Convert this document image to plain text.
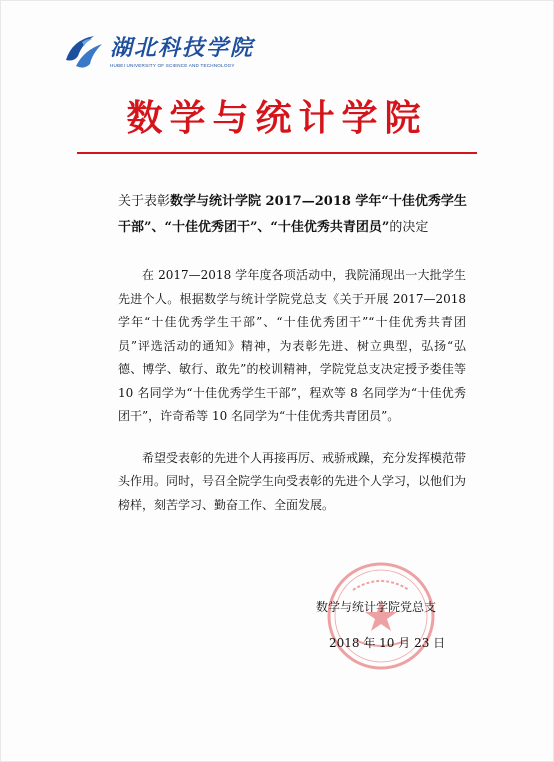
湖北科技学院
HUBEI UNIVERSITY OF SCIENCE AND TECHNOLOGY
数学与统计学院
关于表彰数学与统计学院 2017—2018 学年“十佳优秀学生干部”、“十佳优秀团干”、“十佳优秀共青团员”的决定

在 2017—2018 学年度各项活动中，我院涌现出一大批学生先进个人。根据数学与统计学院党总支《关于开展 2017—2018 学年“十佳优秀学生干部”、“十佳优秀团干”“十佳优秀共青团员”评选活动的通知》精神，为表彰先进、树立典型，弘扬“弘德、博学、敏行、敢先”的校训精神，学院党总支决定授予娄佳等 10 名同学为“十佳优秀学生干部”，程欢等 8 名同学为“十佳优秀团干”，许奇希等 10 名同学为“十佳优秀共青团员”。

希望受表彰的先进个人再接再厉、戒骄戒躁，充分发挥模范带头作用。同时，号召全院学生向受表彰的先进个人学习，以他们为榜样，刻苦学习、勤奋工作、全面发展。

数学与统计学院党总支
2018 年 10 月 23 日
